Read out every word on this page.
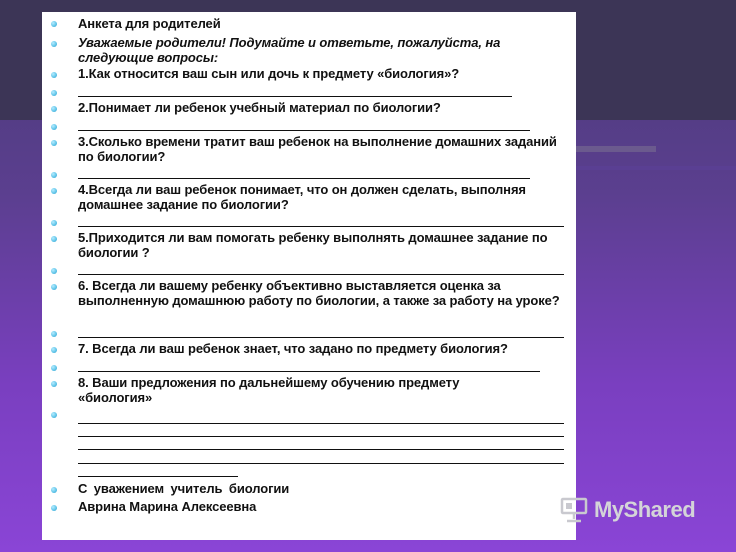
Анкета для родителей
Уважаемые родители! Подумайте и ответьте, пожалуйста, на следующие вопросы:
1.Как относится ваш сын или дочь к предмету «биология»?
2.Понимает ли ребенок учебный материал по биологии?
3.Сколько времени тратит ваш ребенок на выполнение домашних заданий по биологии?
4.Всегда ли ваш ребенок понимает, что он должен сделать, выполняя домашнее задание по биологии?
5.Приходится ли вам помогать ребенку выполнять домашнее задание по биологии ?
6. Всегда ли вашему ребенку объективно выставляется оценка за выполненную домашнюю работу по биологии, а также за работу на уроке?
7. Всегда ли ваш ребенок знает, что задано по предмету биология?
8. Ваши предложения по дальнейшему обучению предмету «биология»
С уважением учитель биологии
Аврина Марина Алексеевна	MyShared
